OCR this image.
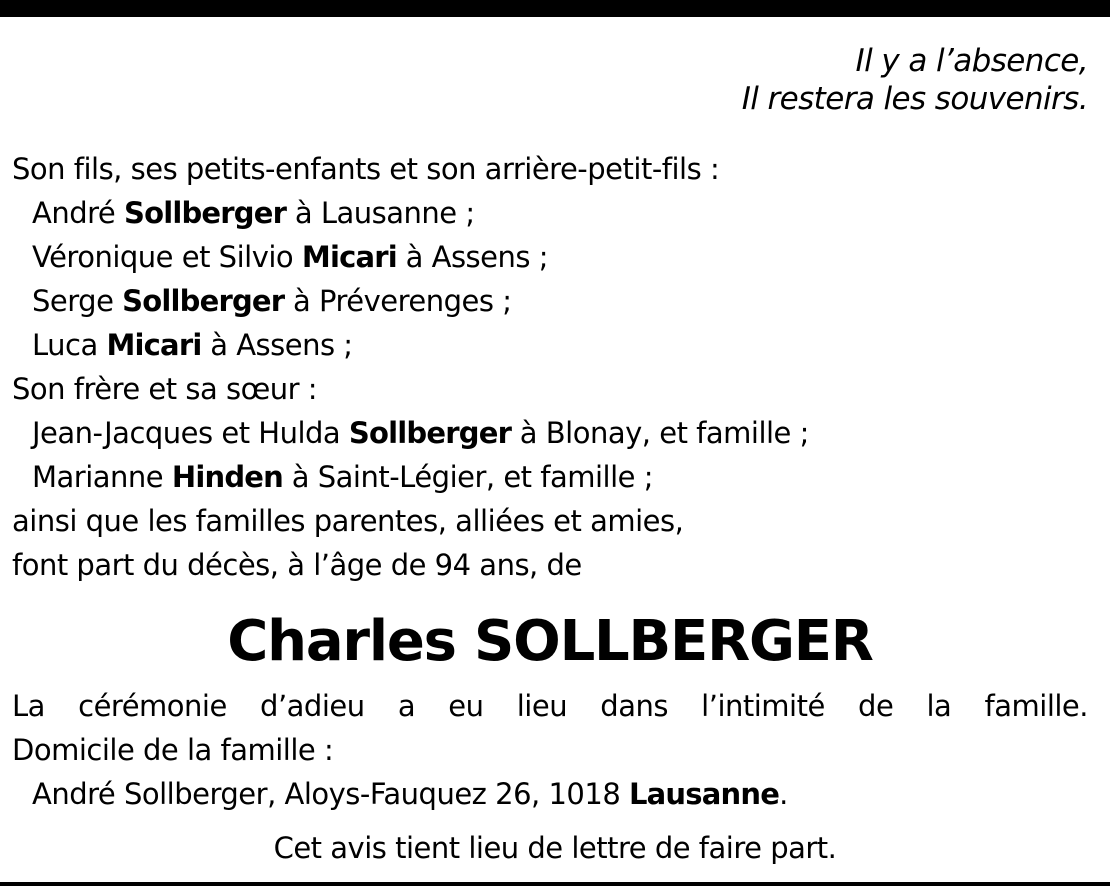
Il y a l’absence,
Il restera les souvenirs.
Son fils, ses petits-enfants et son arrière-petit-fils :
André Sollberger à Lausanne ;
Véronique et Silvio Micari à Assens ;
Serge Sollberger à Préverenges ;
Luca Micari à Assens ;
Son frère et sa sœur :
Jean-Jacques et Hulda Sollberger à Blonay, et famille ;
Marianne Hinden à Saint-Légier, et famille ;
ainsi que les familles parentes, alliées et amies,
font part du décès, à l’âge de 94 ans, de
Charles SOLLBERGER
La cérémonie d’adieu a eu lieu dans l’intimité de la famille.
Domicile de la famille :
André Sollberger, Aloys-Fauquez 26, 1018 Lausanne.
Cet avis tient lieu de lettre de faire part.
